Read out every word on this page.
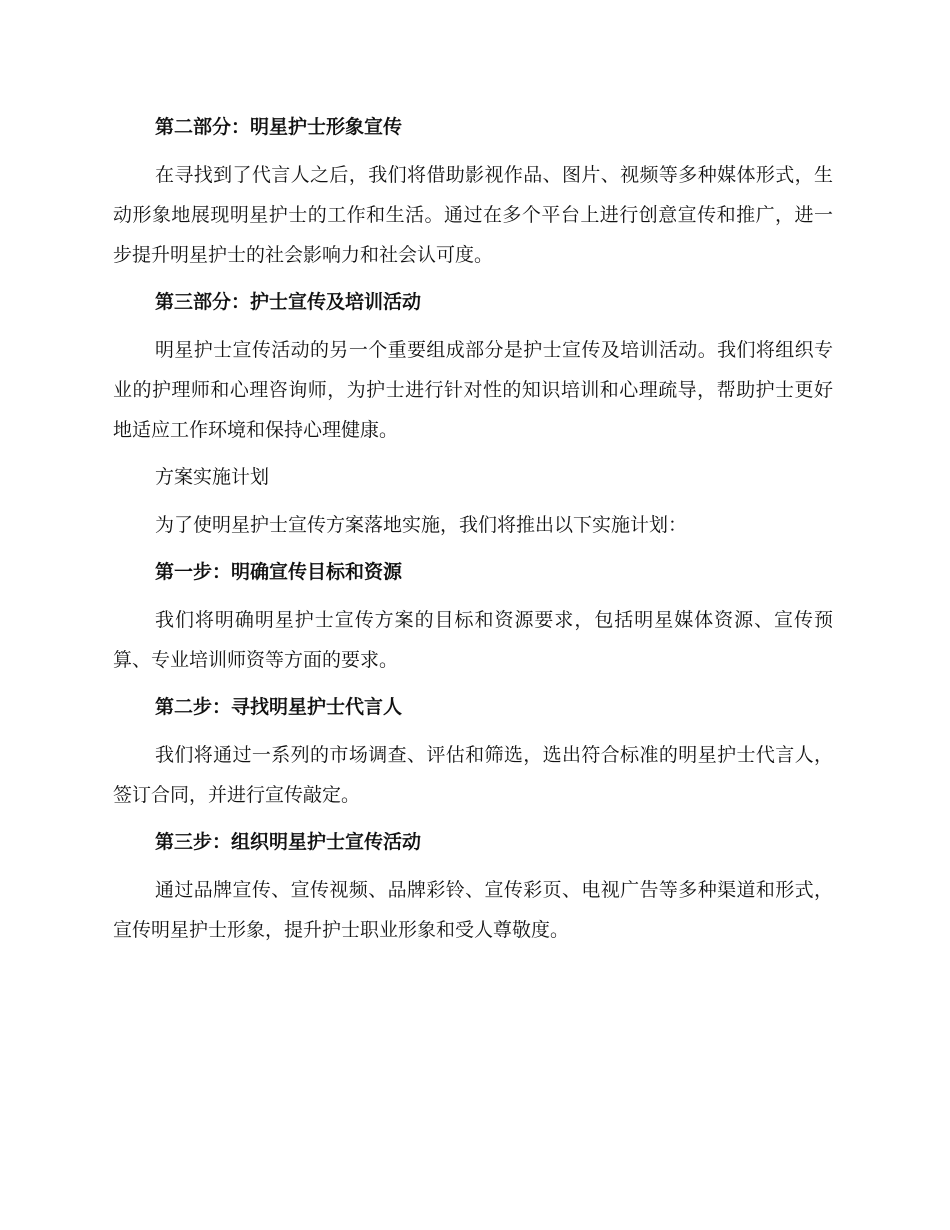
第二部分：明星护士形象宣传
在寻找到了代言人之后，我们将借助影视作品、图片、视频等多种媒体形式，生动形象地展现明星护士的工作和生活。通过在多个平台上进行创意宣传和推广，进一步提升明星护士的社会影响力和社会认可度。
第三部分：护士宣传及培训活动
明星护士宣传活动的另一个重要组成部分是护士宣传及培训活动。我们将组织专业的护理师和心理咨询师，为护士进行针对性的知识培训和心理疏导，帮助护士更好地适应工作环境和保持心理健康。
方案实施计划
为了使明星护士宣传方案落地实施，我们将推出以下实施计划：
第一步：明确宣传目标和资源
我们将明确明星护士宣传方案的目标和资源要求，包括明星媒体资源、宣传预算、专业培训师资等方面的要求。
第二步：寻找明星护士代言人
我们将通过一系列的市场调查、评估和筛选，选出符合标准的明星护士代言人，签订合同，并进行宣传敲定。
第三步：组织明星护士宣传活动
通过品牌宣传、宣传视频、品牌彩铃、宣传彩页、电视广告等多种渠道和形式，宣传明星护士形象，提升护士职业形象和受人尊敬度。
